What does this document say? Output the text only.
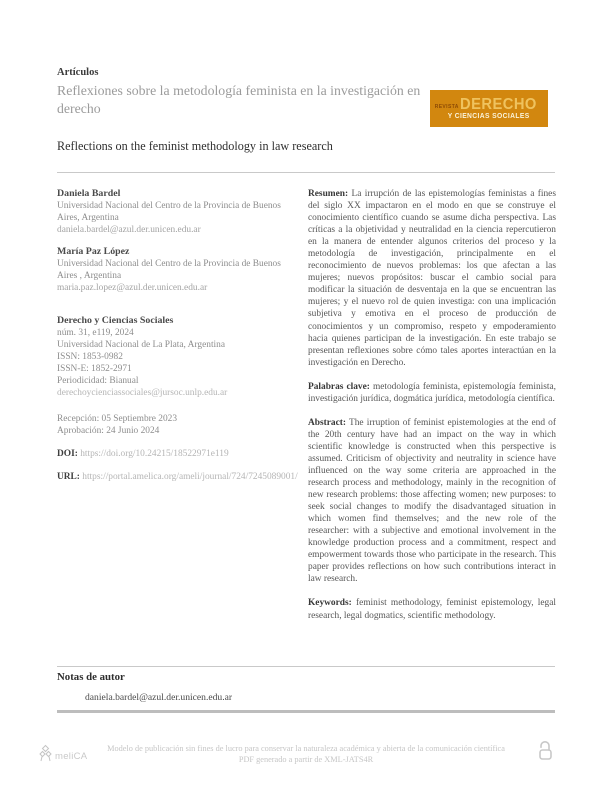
Artículos
Reflexiones sobre la metodología feminista en la investigación en derecho	REVISTA DERECHO
Y CIENCIAS SOCIALES
Reflections on the feminist methodology in law research
Daniela Bardel
Universidad Nacional del Centro de la Provincia de Buenos Aires, Argentina
daniela.bardel@azul.der.unicen.edu.ar
María Paz López
Universidad Nacional del Centro de la Provincia de Buenos Aires , Argentina
maria.paz.lopez@azul.der.unicen.edu.ar
Derecho y Ciencias Sociales
núm. 31, e119, 2024
Universidad Nacional de La Plata, Argentina
ISSN: 1853-0982
ISSN-E: 1852-2971
Periodicidad: Bianual
derechoycienciassociales@jursoc.unlp.edu.ar
Recepción: 05 Septiembre 2023
Aprobación: 24 Junio 2024
DOI: https://doi.org/10.24215/18522971e119
URL: https://portal.amelica.org/ameli/journal/724/7245089001/

Resumen: La irrupción de las epistemologías feministas a fines del siglo XX impactaron en el modo en que se construye el conocimiento científico cuando se asume dicha perspectiva. Las críticas a la objetividad y neutralidad en la ciencia repercutieron en la manera de entender algunos criterios del proceso y la metodología de investigación, principalmente en el reconocimiento de nuevos problemas: los que afectan a las mujeres; nuevos propósitos: buscar el cambio social para modificar la situación de desventaja en la que se encuentran las mujeres; y el nuevo rol de quien investiga: con una implicación subjetiva y emotiva en el proceso de producción de conocimientos y un compromiso, respeto y empoderamiento hacia quienes participan de la investigación. En este trabajo se presentan reflexiones sobre cómo tales aportes interactúan en la investigación en Derecho.

Palabras clave: metodología feminista, epistemología feminista, investigación jurídica, dogmática jurídica, metodología científica.

Abstract: The irruption of feminist epistemologies at the end of the 20th century have had an impact on the way in which scientific knowledge is constructed when this perspective is assumed. Criticism of objectivity and neutrality in science have influenced on the way some criteria are approached in the research process and methodology, mainly in the recognition of new research problems: those affecting women; new purposes: to seek social changes to modify the disadvantaged situation in which women find themselves; and the new role of the researcher: with a subjective and emotional involvement in the knowledge production process and a commitment, respect and empowerment towards those who participate in the research. This paper provides reflections on how such contributions interact in law research.

Keywords: feminist methodology, feminist epistemology, legal research, legal dogmatics, scientific methodology.

Notas de autor
daniela.bardel@azul.der.unicen.edu.ar
meliCA
Modelo de publicación sin fines de lucro para conservar la naturaleza académica y abierta de la comunicación científica
PDF generado a partir de XML-JATS4R
